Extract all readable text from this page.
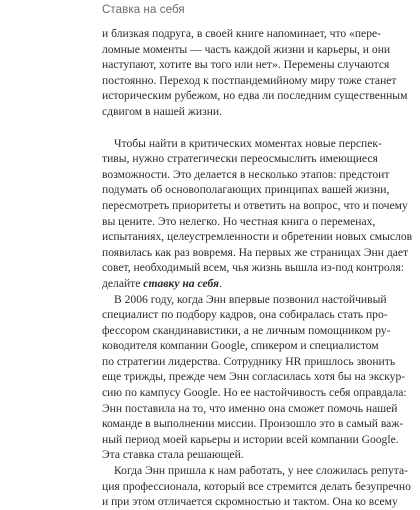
Ставка на себя
и близкая подруга, в своей книге напоминает, что «пере-
ломные моменты — часть каждой жизни и карьеры, и они
наступают, хотите вы того или нет». Перемены случаются
постоянно. Переход к постпандемийному миру тоже станет
историческим рубежом, но едва ли последним существенным
сдвигом в нашей жизни.
Чтобы найти в критических моментах новые перспек-
тивы, нужно стратегически переосмыслить имеющиеся
возможности. Это делается в несколько этапов: предстоит
подумать об основополагающих принципах вашей жизни,
пересмотреть приоритеты и ответить на вопрос, что и почему
вы цените. Это нелегко. Но честная книга о переменах,
испытаниях, целеустремленности и обретении новых смыслов
появилась как раз вовремя. На первых же страницах Энн дает
совет, необходимый всем, чья жизнь вышла из-под контроля:
делайте ставку на себя.
В 2006 году, когда Энн впервые позвонил настойчивый
специалист по подбору кадров, она собиралась стать про-
фессором скандинавистики, а не личным помощником ру-
ководителя компании Google, спикером и специалистом
по стратегии лидерства. Сотруднику HR пришлось звонить
еще трижды, прежде чем Энн согласилась хотя бы на экскур-
сию по кампусу Google. Но ее настойчивость себя оправдала:
Энн поставила на то, что именно она сможет помочь нашей
команде в выполнении миссии. Произошло это в самый важ-
ный период моей карьеры и истории всей компании Google.
Эта ставка стала решающей.
Когда Энн пришла к нам работать, у нее сложилась репута-
ция профессионала, который все стремится делать безупречно
и при этом отличается скромностью и тактом. Она ко всему
